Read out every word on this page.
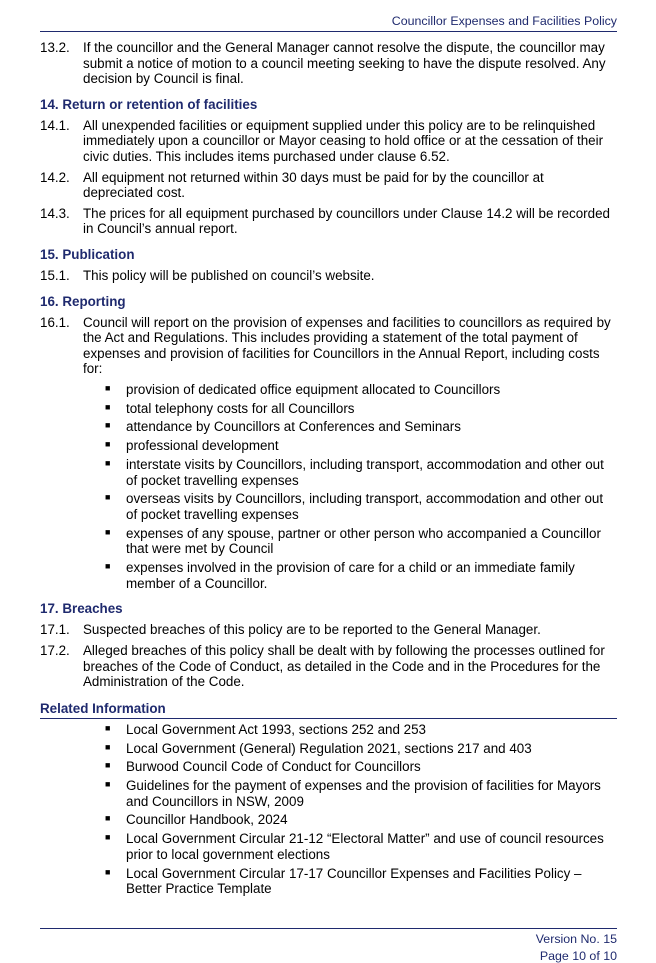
Councillor Expenses and Facilities Policy
13.2. If the councillor and the General Manager cannot resolve the dispute, the councillor may submit a notice of motion to a council meeting seeking to have the dispute resolved. Any decision by Council is final.
14. Return or retention of facilities
14.1. All unexpended facilities or equipment supplied under this policy are to be relinquished immediately upon a councillor or Mayor ceasing to hold office or at the cessation of their civic duties. This includes items purchased under clause 6.52.
14.2. All equipment not returned within 30 days must be paid for by the councillor at depreciated cost.
14.3. The prices for all equipment purchased by councillors under Clause 14.2 will be recorded in Council’s annual report.
15. Publication
15.1. This policy will be published on council’s website.
16. Reporting
16.1. Council will report on the provision of expenses and facilities to councillors as required by the Act and Regulations. This includes providing a statement of the total payment of expenses and provision of facilities for Councillors in the Annual Report, including costs for:
■ provision of dedicated office equipment allocated to Councillors
■ total telephony costs for all Councillors
■ attendance by Councillors at Conferences and Seminars
■ professional development
■ interstate visits by Councillors, including transport, accommodation and other out of pocket travelling expenses
■ overseas visits by Councillors, including transport, accommodation and other out of pocket travelling expenses
■ expenses of any spouse, partner or other person who accompanied a Councillor that were met by Council
■ expenses involved in the provision of care for a child or an immediate family member of a Councillor.
17. Breaches
17.1. Suspected breaches of this policy are to be reported to the General Manager.
17.2. Alleged breaches of this policy shall be dealt with by following the processes outlined for breaches of the Code of Conduct, as detailed in the Code and in the Procedures for the Administration of the Code.
Related Information
■ Local Government Act 1993, sections 252 and 253
■ Local Government (General) Regulation 2021, sections 217 and 403
■ Burwood Council Code of Conduct for Councillors
■ Guidelines for the payment of expenses and the provision of facilities for Mayors and Councillors in NSW, 2009
■ Councillor Handbook, 2024
■ Local Government Circular 21-12 “Electoral Matter” and use of council resources prior to local government elections
■ Local Government Circular 17-17 Councillor Expenses and Facilities Policy – Better Practice Template
Version No. 15
Page 10 of 10
